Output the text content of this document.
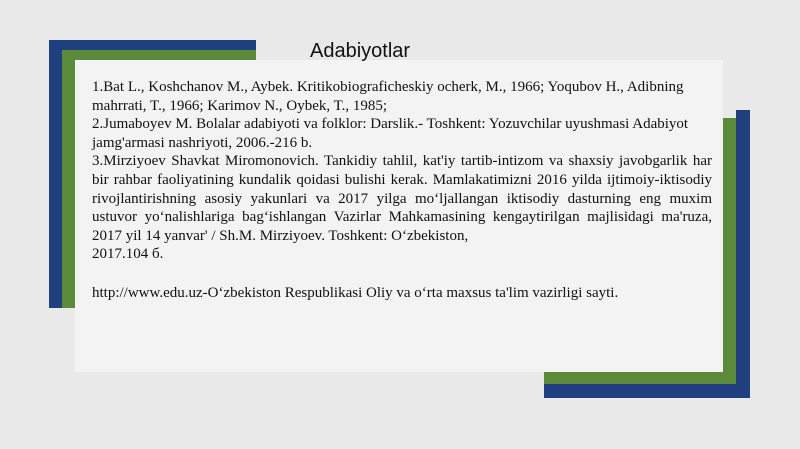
Adabiyotlar

1.Bat L., Koshchanov M., Aybek. Kritikobiograficheskiy ocherk, M., 1966; Yoqubov H., Adibning mahrrati, T., 1966; Karimov N., Oybek, T., 1985;

2.Jumaboyev M. Bolalar adabiyoti va folklor: Darslik.- Toshkent: Yozuvchilar uyushmasi Adabiyot jamg'armasi nashriyoti, 2006.-216 b.

3.Mirziyoev Shavkat Miromonovich. Tankidiy tahlil, kat'iy tartib-intizom va shaxsiy javobgarlik har bir rahbar faoliyatining kundalik qoidasi bulishi kerak. Mamlakatimizni 2016 yilda ijtimoiy-iktisodiy rivojlantirishning asosiy yakunlari va 2017 yilga mo‘ljallangan iktisodiy dasturning eng muxim ustuvor yo‘nalishlariga bag‘ishlangan Vazirlar Mahkamasining kengaytirilgan majlisidagi ma'ruza, 2017 yil 14 yanvar' / Sh.M. Mirziyoev. Toshkent: O‘zbekiston,

2017.104 б.

http://www.edu.uz-O‘zbekiston Respublikasi Oliy va o‘rta maxsus ta'lim vazirligi sayti.
